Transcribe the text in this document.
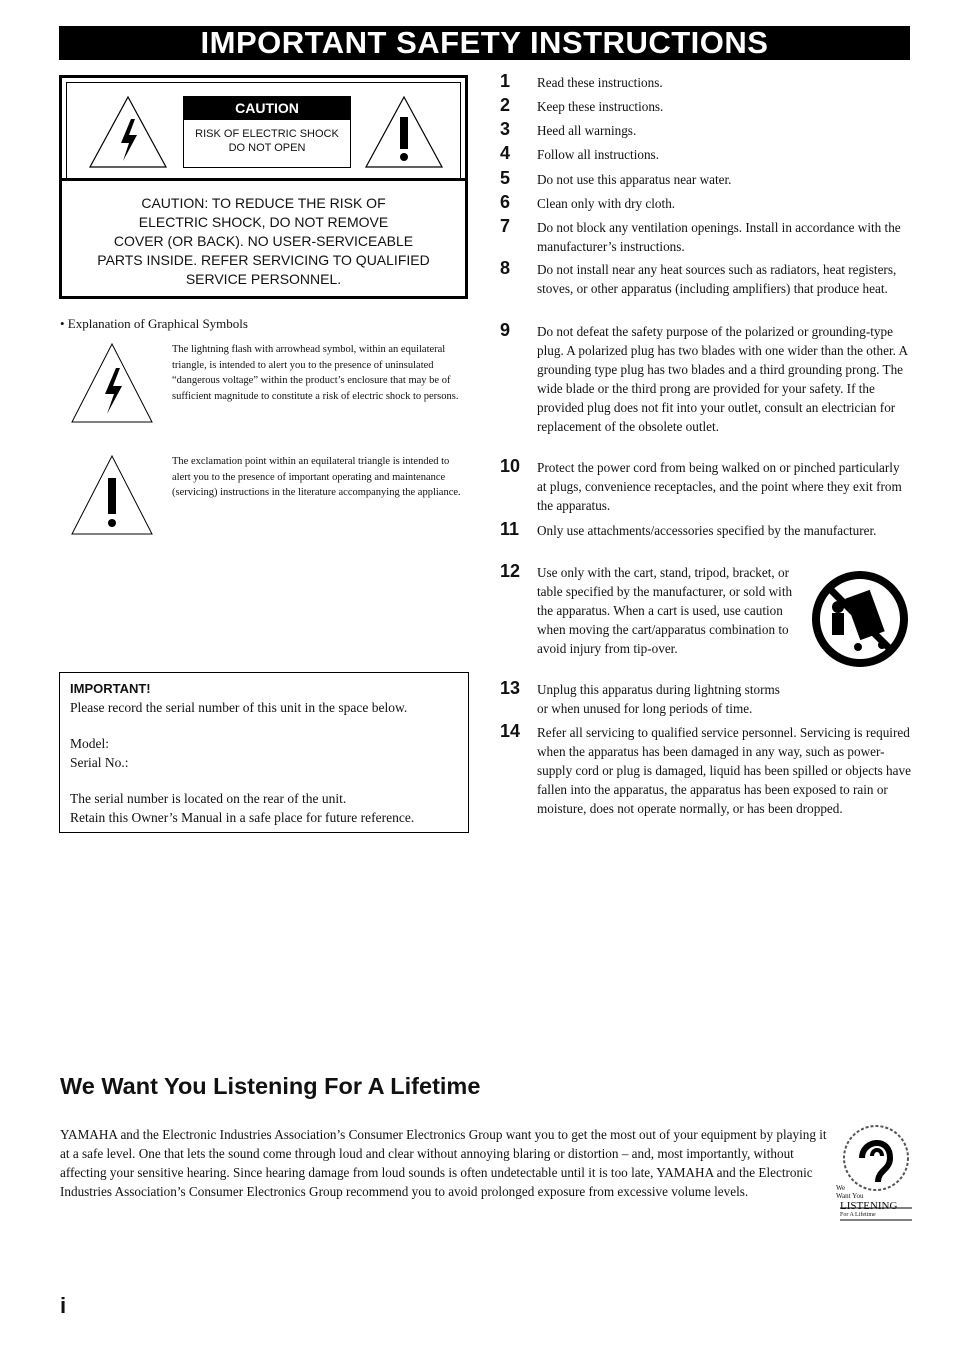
IMPORTANT SAFETY INSTRUCTIONS
CAUTION
RISK OF ELECTRIC SHOCK
DO NOT OPEN
CAUTION: TO REDUCE THE RISK OF
ELECTRIC SHOCK, DO NOT REMOVE
COVER (OR BACK). NO USER-SERVICEABLE
PARTS INSIDE. REFER SERVICING TO QUALIFIED
SERVICE PERSONNEL.
• Explanation of Graphical Symbols
The lightning flash with arrowhead symbol, within an equilateral triangle, is intended to alert you to the presence of uninsulated “dangerous voltage” within the product’s enclosure that may be of sufficient magnitude to constitute a risk of electric shock to persons.
The exclamation point within an equilateral triangle is intended to alert you to the presence of important operating and maintenance (servicing) instructions in the literature accompanying the appliance.
IMPORTANT!

Please record the serial number of this unit in the space below.

Model:

Serial No.:

The serial number is located on the rear of the unit.

Retain this Owner’s Manual in a safe place for future reference.

1 Read these instructions.
2 Keep these instructions.
3 Heed all warnings.
4 Follow all instructions.
5 Do not use this apparatus near water.
6 Clean only with dry cloth.
7 Do not block any ventilation openings. Install in accordance with the manufacturer’s instructions.
8 Do not install near any heat sources such as radiators, heat registers, stoves, or other apparatus (including amplifiers) that produce heat.
9 Do not defeat the safety purpose of the polarized or grounding-type plug. A polarized plug has two blades with one wider than the other. A grounding type plug has two blades and a third grounding prong. The wide blade or the third prong are provided for your safety. If the provided plug does not fit into your outlet, consult an electrician for replacement of the obsolete outlet.
10 Protect the power cord from being walked on or pinched particularly at plugs, convenience receptacles, and the point where they exit from the apparatus.
11 Only use attachments/accessories specified by the manufacturer.
12 Use only with the cart, stand, tripod, bracket, or table specified by the manufacturer, or sold with the apparatus. When a cart is used, use caution when moving the cart/apparatus combination to avoid injury from tip-over.
13 Unplug this apparatus during lightning storms or when unused for long periods of time.
14 Refer all servicing to qualified service personnel. Servicing is required when the apparatus has been damaged in any way, such as power-supply cord or plug is damaged, liquid has been spilled or objects have fallen into the apparatus, the apparatus has been exposed to rain or moisture, does not operate normally, or has been dropped.
We Want You Listening For A Lifetime
YAMAHA and the Electronic Industries Association’s Consumer Electronics Group want you to get the most out of your equipment by playing it at a safe level. One that lets the sound come through loud and clear without annoying blaring or distortion – and, most importantly, without affecting your sensitive hearing. Since hearing damage from loud sounds is often undetectable until it is too late, YAMAHA and the Electronic Industries Association’s Consumer Electronics Group recommend you to avoid prolonged exposure from excessive volume levels.	We
Want You
LISTENING
For A Lifetime
i
